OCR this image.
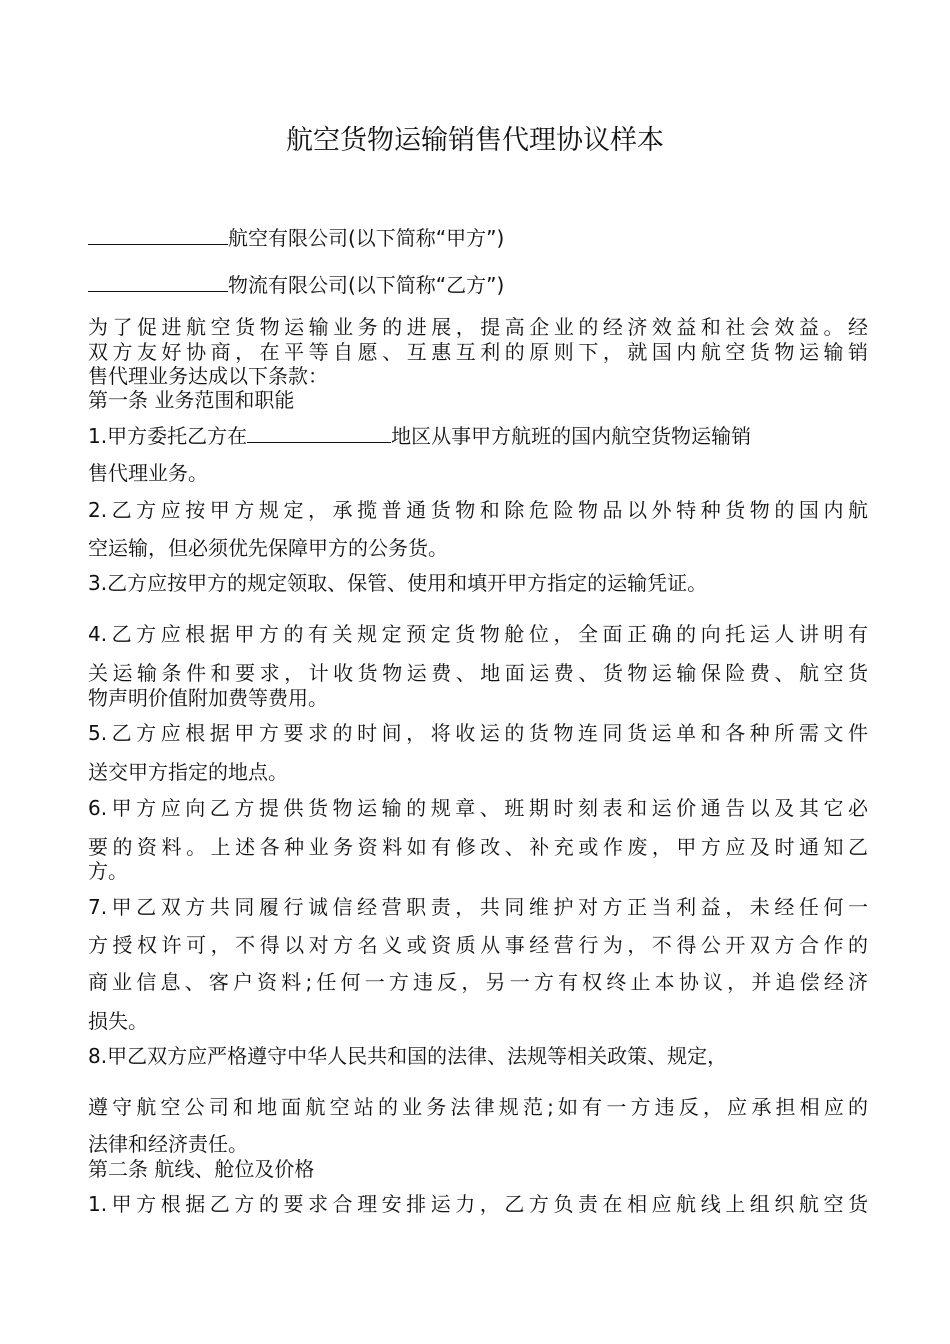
航空货物运输销售代理协议样本
航空有限公司(以下简称“甲方”)
物流有限公司(以下简称“乙方”)
为了促进航空货物运输业务的进展，提高企业的经济效益和社会效益。经
双方友好协商，在平等自愿、互惠互利的原则下，就国内航空货物运输销
售代理业务达成以下条款：
第一条 业务范围和职能
1.甲方委托乙方在	地区从事甲方航班的国内航空货物运输销
售代理业务。
2.乙方应按甲方规定，承揽普通货物和除危险物品以外特种货物的国内航
空运输，但必须优先保障甲方的公务货。
3.乙方应按甲方的规定领取、保管、使用和填开甲方指定的运输凭证。
4.乙方应根据甲方的有关规定预定货物舱位，全面正确的向托运人讲明有
关运输条件和要求，计收货物运费、地面运费、货物运输保险费、航空货
物声明价值附加费等费用。
5.乙方应根据甲方要求的时间，将收运的货物连同货运单和各种所需文件
送交甲方指定的地点。
6.甲方应向乙方提供货物运输的规章、班期时刻表和运价通告以及其它必
要的资料。上述各种业务资料如有修改、补充或作废，甲方应及时通知乙
方。
7.甲乙双方共同履行诚信经营职责，共同维护对方正当利益，未经任何一
方授权许可，不得以对方名义或资质从事经营行为，不得公开双方合作的
商业信息、客户资料;任何一方违反，另一方有权终止本协议，并追偿经济
损失。
8.甲乙双方应严格遵守中华人民共和国的法律、法规等相关政策、规定，
遵守航空公司和地面航空站的业务法律规范;如有一方违反，应承担相应的
法律和经济责任。
第二条 航线、舱位及价格
1.甲方根据乙方的要求合理安排运力，乙方负责在相应航线上组织航空货
